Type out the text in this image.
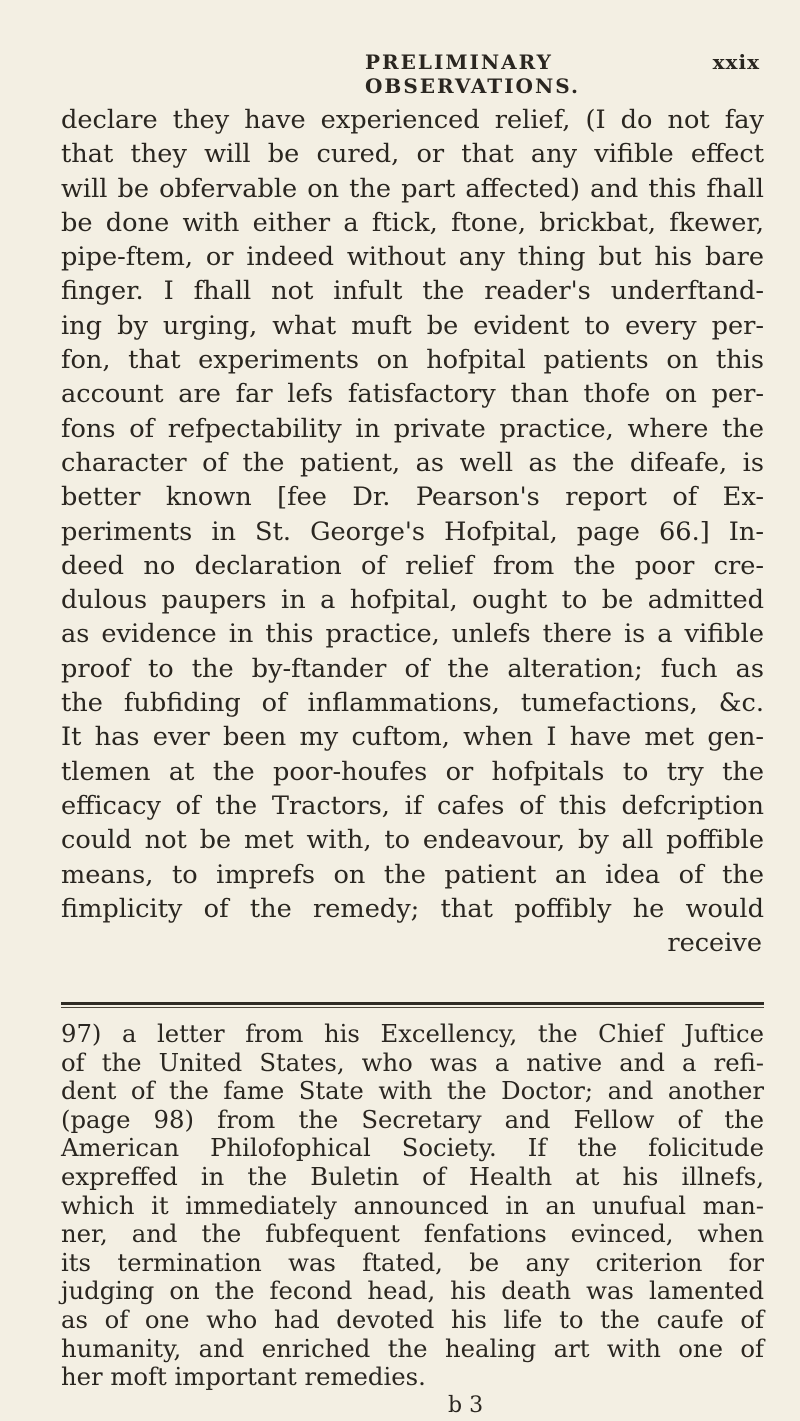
PRELIMINARY OBSERVATIONS.
xxix
declare they have experienced relief, (I do not fay
that they will be cured, or that any vifible effect
will be obfervable on the part affected) and this fhall
be done with either a ftick, ftone, brickbat, fkewer,
pipe-ftem, or indeed without any thing but his bare
finger. I fhall not infult the reader's underftand-
ing by urging, what muft be evident to every per-
fon, that experiments on hofpital patients on this
account are far lefs fatisfactory than thofe on per-
fons of refpectability in private practice, where the
character of the patient, as well as the difeafe, is
better known [fee Dr. Pearson's report of Ex-
periments in St. George's Hofpital, page 66.] In-
deed no declaration of relief from the poor cre-
dulous paupers in a hofpital, ought to be admitted
as evidence in this practice, unlefs there is a vifible
proof to the by-ftander of the alteration; fuch as
the fubfiding of inflammations, tumefactions, &c.
It has ever been my cuftom, when I have met gen-
tlemen at the poor-houfes or hofpitals to try the
efficacy of the Tractors, if cafes of this defcription
could not be met with, to endeavour, by all poffible
means, to imprefs on the patient an idea of the
fimplicity of the remedy; that poffibly he would
receive
97) a letter from his Excellency, the Chief Juftice
of the United States, who was a native and a refi-
dent of the fame State with the Doctor; and another
(page 98) from the Secretary and Fellow of the
American Philofophical Society. If the folicitude
expreffed in the Buletin of Health at his illnefs,
which it immediately announced in an unufual man-
ner, and the fubfequent fenfations evinced, when
its termination was ftated, be any criterion for
judging on the fecond head, his death was lamented
as of one who had devoted his life to the caufe of
humanity, and enriched the healing art with one of
her moft important remedies.
b 3
